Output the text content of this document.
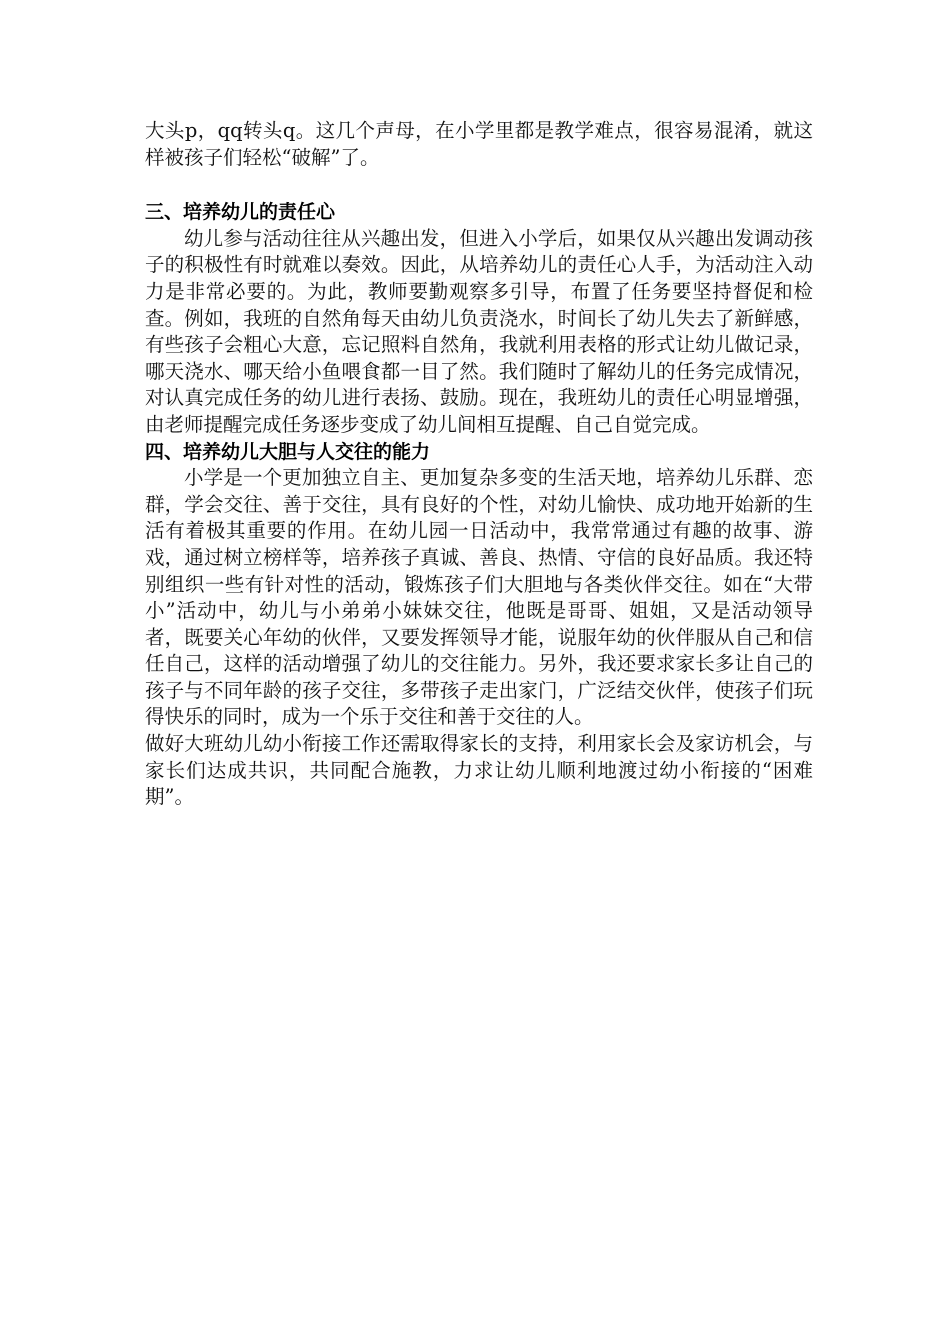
大头p，qq转头q。这几个声母，在小学里都是教学难点，很容易混淆，就这样被孩子们轻松“破解”了。

三、培养幼儿的责任心

幼儿参与活动往往从兴趣出发，但进入小学后，如果仅从兴趣出发调动孩子的积极性有时就难以奏效。因此，从培养幼儿的责任心人手，为活动注入动力是非常必要的。为此，教师要勤观察多引导，布置了任务要坚持督促和检查。例如，我班的自然角每天由幼儿负责浇水，时间长了幼儿失去了新鲜感，有些孩子会粗心大意，忘记照料自然角，我就利用表格的形式让幼儿做记录，哪天浇水、哪天给小鱼喂食都一目了然。我们随时了解幼儿的任务完成情况，对认真完成任务的幼儿进行表扬、鼓励。现在，我班幼儿的责任心明显增强，由老师提醒完成任务逐步变成了幼儿间相互提醒、自己自觉完成。

四、培养幼儿大胆与人交往的能力

小学是一个更加独立自主、更加复杂多变的生活天地，培养幼儿乐群、恋群，学会交往、善于交往，具有良好的个性，对幼儿愉快、成功地开始新的生活有着极其重要的作用。在幼儿园一日活动中，我常常通过有趣的故事、游戏，通过树立榜样等，培养孩子真诚、善良、热情、守信的良好品质。我还特别组织一些有针对性的活动，锻炼孩子们大胆地与各类伙伴交往。如在“大带小”活动中，幼儿与小弟弟小妹妹交往，他既是哥哥、姐姐，又是活动领导者，既要关心年幼的伙伴，又要发挥领导才能，说服年幼的伙伴服从自己和信任自己，这样的活动增强了幼儿的交往能力。另外，我还要求家长多让自己的孩子与不同年龄的孩子交往，多带孩子走出家门，广泛结交伙伴，使孩子们玩得快乐的同时，成为一个乐于交往和善于交往的人。

做好大班幼儿幼小衔接工作还需取得家长的支持，利用家长会及家访机会，与家长们达成共识，共同配合施教，力求让幼儿顺利地渡过幼小衔接的“困难期”。
